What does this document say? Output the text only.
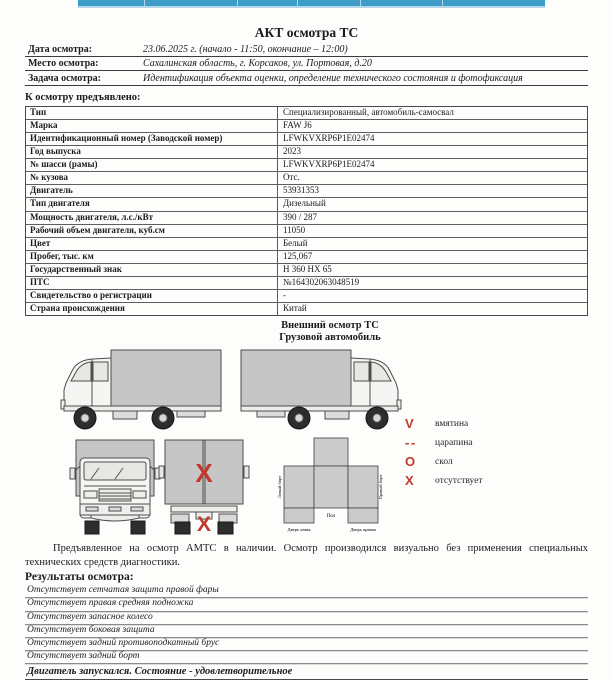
АКТ осмотра ТС
Дата осмотра:	23.06.2025 г. (начало - 11:50, окончание – 12:00)
Место осмотра:	Сахалинская область, г. Корсаков, ул. Портовая, д.20
Задача осмотра:	Идентификация объекта оценки, определение технического состояния и фотофиксация
К осмотру предъявлено:
Тип	Специализированный, автомобиль-самосвал
Марка	FAW J6
Идентификационный номер (Заводской номер)	LFWKVXRP6P1E02474
Год выпуска	2023
№ шасси (рамы)	LFWKVXRP6P1E02474
№ кузова	Отс.
Двигатель	53931353
Тип двигателя	Дизельный
Мощность двигателя, л.с./кВт	390 / 287
Рабочий объем двигателя, куб.см	11050
Цвет	Белый
Пробег, тыс. км	125,067
Государственный знак	Н 360 НХ 65
ПТС	№164302063048519
Свидетельство о регистрации	-
Страна происхождения	Китай
Внешний осмотр ТС
Грузовой автомобиль
X
X
Левый борт	Правый борт
Пол
Дверь левая	Дверь правая
V	вмятина
- -	царапина
O	скол
X	отсутствует

Предъявленное на осмотр АМТС в наличии. Осмотр производился визуально без применения специальных технических средств диагностики.

Результаты осмотра:
Отсутствует сетчатая защита правой фары
Отсутствует правая средняя подножка
Отсутствует запасное колесо
Отсутствует боковая защита
Отсутствует задний противоподкатный брус
Отсутствует задний борт
Двигатель запускался. Состояние - удовлетворительное
